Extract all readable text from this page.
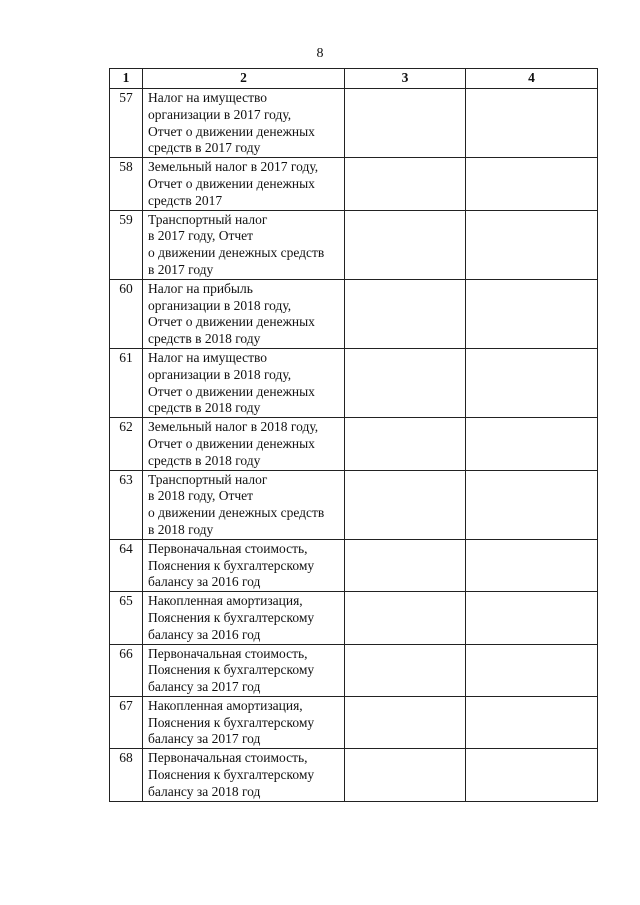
8
1	2	3	4
57	Налог на имущество
организации в 2017 году,
Отчет о движении денежных
средств в 2017 году		
58	Земельный налог в 2017 году,
Отчет о движении денежных
средств 2017		
59	Транспортный налог
в 2017 году, Отчет
о движении денежных средств
в 2017 году		
60	Налог на прибыль
организации в 2018 году,
Отчет о движении денежных
средств в 2018 году		
61	Налог на имущество
организации в 2018 году,
Отчет о движении денежных
средств в 2018 году		
62	Земельный налог в 2018 году,
Отчет о движении денежных
средств в 2018 году		
63	Транспортный налог
в 2018 году, Отчет
о движении денежных средств
в 2018 году		
64	Первоначальная стоимость,
Пояснения к бухгалтерскому
балансу за 2016 год		
65	Накопленная амортизация,
Пояснения к бухгалтерскому
балансу за 2016 год		
66	Первоначальная стоимость,
Пояснения к бухгалтерскому
балансу за 2017 год		
67	Накопленная амортизация,
Пояснения к бухгалтерскому
балансу за 2017 год		
68	Первоначальная стоимость,
Пояснения к бухгалтерскому
балансу за 2018 год		
